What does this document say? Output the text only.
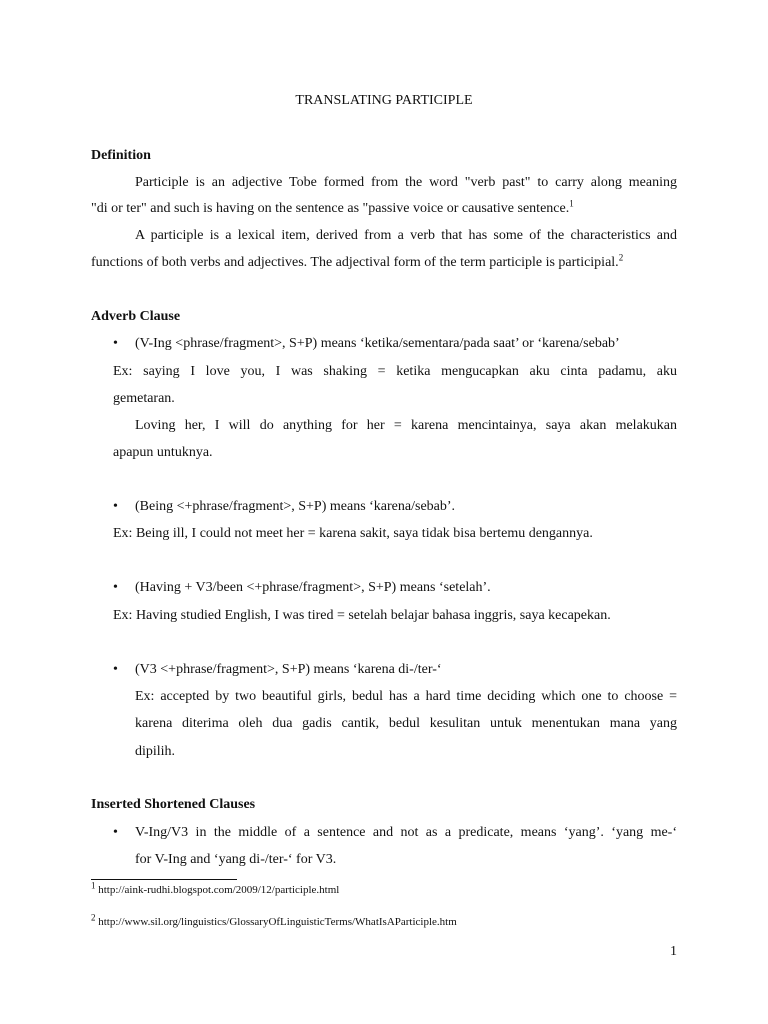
TRANSLATING PARTICIPLE
Definition
Participle is an adjective Tobe formed from the word "verb past" to carry along meaning
"di or ter" and such is having on the sentence as "passive voice or causative sentence.$^1$
A participle is a lexical item, derived from a verb that has some of the characteristics and
functions of both verbs and adjectives. The adjectival form of the term participle is participial.$^2$
Adverb Clause
• (V-Ing <phrase/fragment>, S+P) means ‘ketika/sementara/pada saat’ or ‘karena/sebab’
Ex: saying I love you, I was shaking = ketika mengucapkan aku cinta padamu, aku
gemetaran.
Loving her, I will do anything for her = karena mencintainya, saya akan melakukan
apapun untuknya.
• (Being <+phrase/fragment>, S+P) means ‘karena/sebab’.
Ex: Being ill, I could not meet her = karena sakit, saya tidak bisa bertemu dengannya.
• (Having + V3/been <+phrase/fragment>, S+P) means ‘setelah’.
Ex: Having studied English, I was tired = setelah belajar bahasa inggris, saya kecapekan.
• (V3 <+phrase/fragment>, S+P) means ‘karena di-/ter-‘
Ex: accepted by two beautiful girls, bedul has a hard time deciding which one to choose =
karena diterima oleh dua gadis cantik, bedul kesulitan untuk menentukan mana yang
dipilih.
Inserted Shortened Clauses
• V-Ing/V3 in the middle of a sentence and not as a predicate, means ‘yang’. ‘yang me-‘
for V-Ing and ‘yang di-/ter-‘ for V3.
$^1$ http://aink-rudhi.blogspot.com/2009/12/participle.html
$^2$ http://www.sil.org/linguistics/GlossaryOfLinguisticTerms/WhatIsAParticiple.htm
1
